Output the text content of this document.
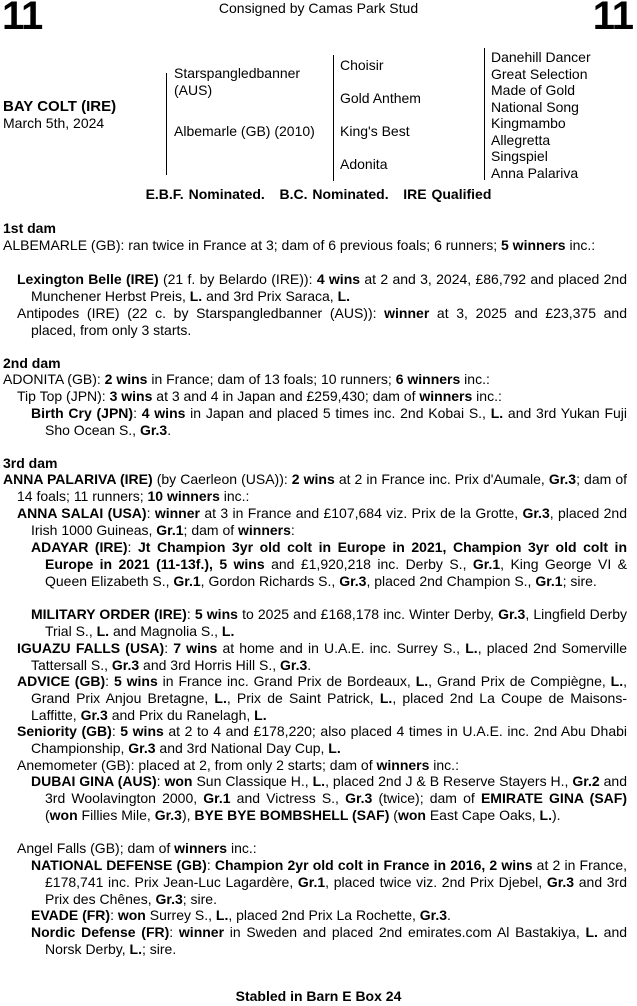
11	Consigned by Camas Park Stud	11
BAY COLT (IRE)
March 5th, 2024
Starspangledbanner (AUS)
Albemarle (GB) (2010)
Choisir
Gold Anthem
King's Best
Adonita
Danehill Dancer
Great Selection
Made of Gold
National Song
Kingmambo
Allegretta
Singspiel
Anna Palariva
E.B.F. Nominated.   B.C. Nominated.   IRE Qualified
1st dam
ALBEMARLE (GB): ran twice in France at 3; dam of 6 previous foals; 6 runners; 5 winners inc.:
Lexington Belle (IRE) (21 f. by Belardo (IRE)): 4 wins at 2 and 3, 2024, £86,792 and placed 2nd Munchener Herbst Preis, L. and 3rd Prix Saraca, L.
Antipodes (IRE) (22 c. by Starspangledbanner (AUS)): winner at 3, 2025 and £23,375 and placed, from only 3 starts.
2nd dam
ADONITA (GB): 2 wins in France; dam of 13 foals; 10 runners; 6 winners inc.:
Tip Top (JPN): 3 wins at 3 and 4 in Japan and £259,430; dam of winners inc.:
Birth Cry (JPN): 4 wins in Japan and placed 5 times inc. 2nd Kobai S., L. and 3rd Yukan Fuji Sho Ocean S., Gr.3.
3rd dam
ANNA PALARIVA (IRE) (by Caerleon (USA)): 2 wins at 2 in France inc. Prix d'Aumale, Gr.3; dam of 14 foals; 11 runners; 10 winners inc.:
ANNA SALAI (USA): winner at 3 in France and £107,684 viz. Prix de la Grotte, Gr.3, placed 2nd Irish 1000 Guineas, Gr.1; dam of winners:
ADAYAR (IRE): Jt Champion 3yr old colt in Europe in 2021, Champion 3yr old colt in Europe in 2021 (11-13f.), 5 wins and £1,920,218 inc. Derby S., Gr.1, King George VI & Queen Elizabeth S., Gr.1, Gordon Richards S., Gr.3, placed 2nd Champion S., Gr.1; sire.
MILITARY ORDER (IRE): 5 wins to 2025 and £168,178 inc. Winter Derby, Gr.3, Lingfield Derby Trial S., L. and Magnolia S., L.
IGUAZU FALLS (USA): 7 wins at home and in U.A.E. inc. Surrey S., L., placed 2nd Somerville Tattersall S., Gr.3 and 3rd Horris Hill S., Gr.3.
ADVICE (GB): 5 wins in France inc. Grand Prix de Bordeaux, L., Grand Prix de Compiègne, L., Grand Prix Anjou Bretagne, L., Prix de Saint Patrick, L., placed 2nd La Coupe de Maisons-Laffitte, Gr.3 and Prix du Ranelagh, L.
Seniority (GB): 5 wins at 2 to 4 and £178,220; also placed 4 times in U.A.E. inc. 2nd Abu Dhabi Championship, Gr.3 and 3rd National Day Cup, L.
Anemometer (GB): placed at 2, from only 2 starts; dam of winners inc.:
DUBAI GINA (AUS): won Sun Classique H., L., placed 2nd J & B Reserve Stayers H., Gr.2 and 3rd Woolavington 2000, Gr.1 and Victress S., Gr.3 (twice); dam of EMIRATE GINA (SAF) (won Fillies Mile, Gr.3), BYE BYE BOMBSHELL (SAF) (won East Cape Oaks, L.).
Angel Falls (GB); dam of winners inc.:
NATIONAL DEFENSE (GB): Champion 2yr old colt in France in 2016, 2 wins at 2 in France, £178,741 inc. Prix Jean-Luc Lagardère, Gr.1, placed twice viz. 2nd Prix Djebel, Gr.3 and 3rd Prix des Chênes, Gr.3; sire.
EVADE (FR): won Surrey S., L., placed 2nd Prix La Rochette, Gr.3.
Nordic Defense (FR): winner in Sweden and placed 2nd emirates.com Al Bastakiya, L. and Norsk Derby, L.; sire.
Stabled in Barn E Box 24
